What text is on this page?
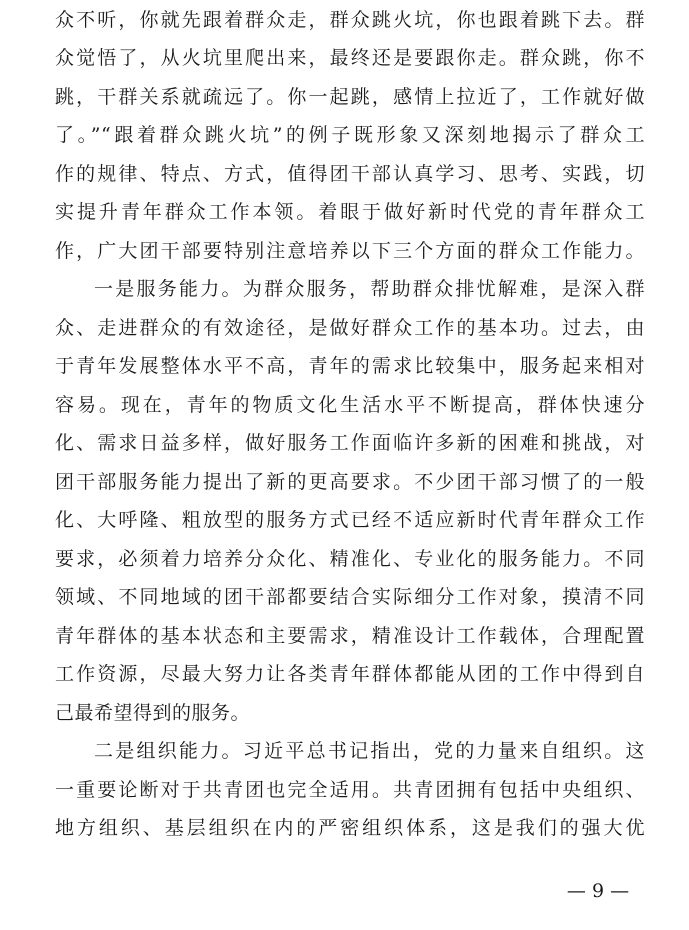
众不听，你就先跟着群众走，群众跳火坑，你也跟着跳下去。群
众觉悟了，从火坑里爬出来，最终还是要跟你走。群众跳，你不
跳，干群关系就疏远了。你一起跳，感情上拉近了，工作就好做
了。”“跟着群众跳火坑”的例子既形象又深刻地揭示了群众工
作的规律、特点、方式，值得团干部认真学习、思考、实践，切
实提升青年群众工作本领。着眼于做好新时代党的青年群众工
作，广大团干部要特别注意培养以下三个方面的群众工作能力。
一是服务能力。为群众服务，帮助群众排忧解难，是深入群
众、走进群众的有效途径，是做好群众工作的基本功。过去，由
于青年发展整体水平不高，青年的需求比较集中，服务起来相对
容易。现在，青年的物质文化生活水平不断提高，群体快速分
化、需求日益多样，做好服务工作面临许多新的困难和挑战，对
团干部服务能力提出了新的更高要求。不少团干部习惯了的一般
化、大呼隆、粗放型的服务方式已经不适应新时代青年群众工作
要求，必须着力培养分众化、精准化、专业化的服务能力。不同
领域、不同地域的团干部都要结合实际细分工作对象，摸清不同
青年群体的基本状态和主要需求，精准设计工作载体，合理配置
工作资源，尽最大努力让各类青年群体都能从团的工作中得到自
己最希望得到的服务。
二是组织能力。习近平总书记指出，党的力量来自组织。这
一重要论断对于共青团也完全适用。共青团拥有包括中央组织、
地方组织、基层组织在内的严密组织体系，这是我们的强大优
— 9 —
